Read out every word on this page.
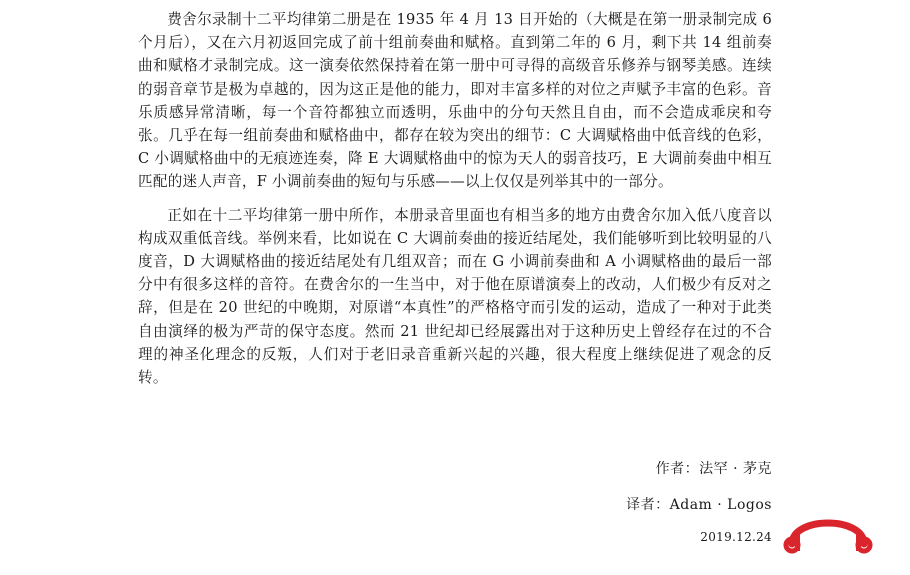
费舍尔录制十二平均律第二册是在 1935 年 4 月 13 日开始的（大概是在第一册录制完成 6 个月后），又在六月初返回完成了前十组前奏曲和赋格。直到第二年的 6 月，剩下共 14 组前奏曲和赋格才录制完成。这一演奏依然保持着在第一册中可寻得的高级音乐修养与钢琴美感。连续的弱音章节是极为卓越的，因为这正是他的能力，即对丰富多样的对位之声赋予丰富的色彩。音乐质感异常清晰，每一个音符都独立而透明，乐曲中的分句天然且自由，而不会造成乖戾和夸张。几乎在每一组前奏曲和赋格曲中，都存在较为突出的细节：C 大调赋格曲中低音线的色彩，C 小调赋格曲中的无痕迹连奏，降 E 大调赋格曲中的惊为天人的弱音技巧，E 大调前奏曲中相互匹配的迷人声音，F 小调前奏曲的短句与乐感——以上仅仅是列举其中的一部分。

正如在十二平均律第一册中所作，本册录音里面也有相当多的地方由费舍尔加入低八度音以构成双重低音线。举例来看，比如说在 C 大调前奏曲的接近结尾处，我们能够听到比较明显的八度音，D 大调赋格曲的接近结尾处有几组双音；而在 G 小调前奏曲和 A 小调赋格曲的最后一部分中有很多这样的音符。在费舍尔的一生当中，对于他在原谱演奏上的改动，人们极少有反对之辞，但是在 20 世纪的中晚期，对原谱“本真性”的严格格守而引发的运动，造成了一种对于此类自由演绎的极为严苛的保守态度。然而 21 世纪却已经展露出对于这种历史上曾经存在过的不合理的神圣化理念的反叛，人们对于老旧录音重新兴起的兴趣，很大程度上继续促进了观念的反转。

作者：法罕 · 茅克
译者：Adam · Logos
2019.12.24
